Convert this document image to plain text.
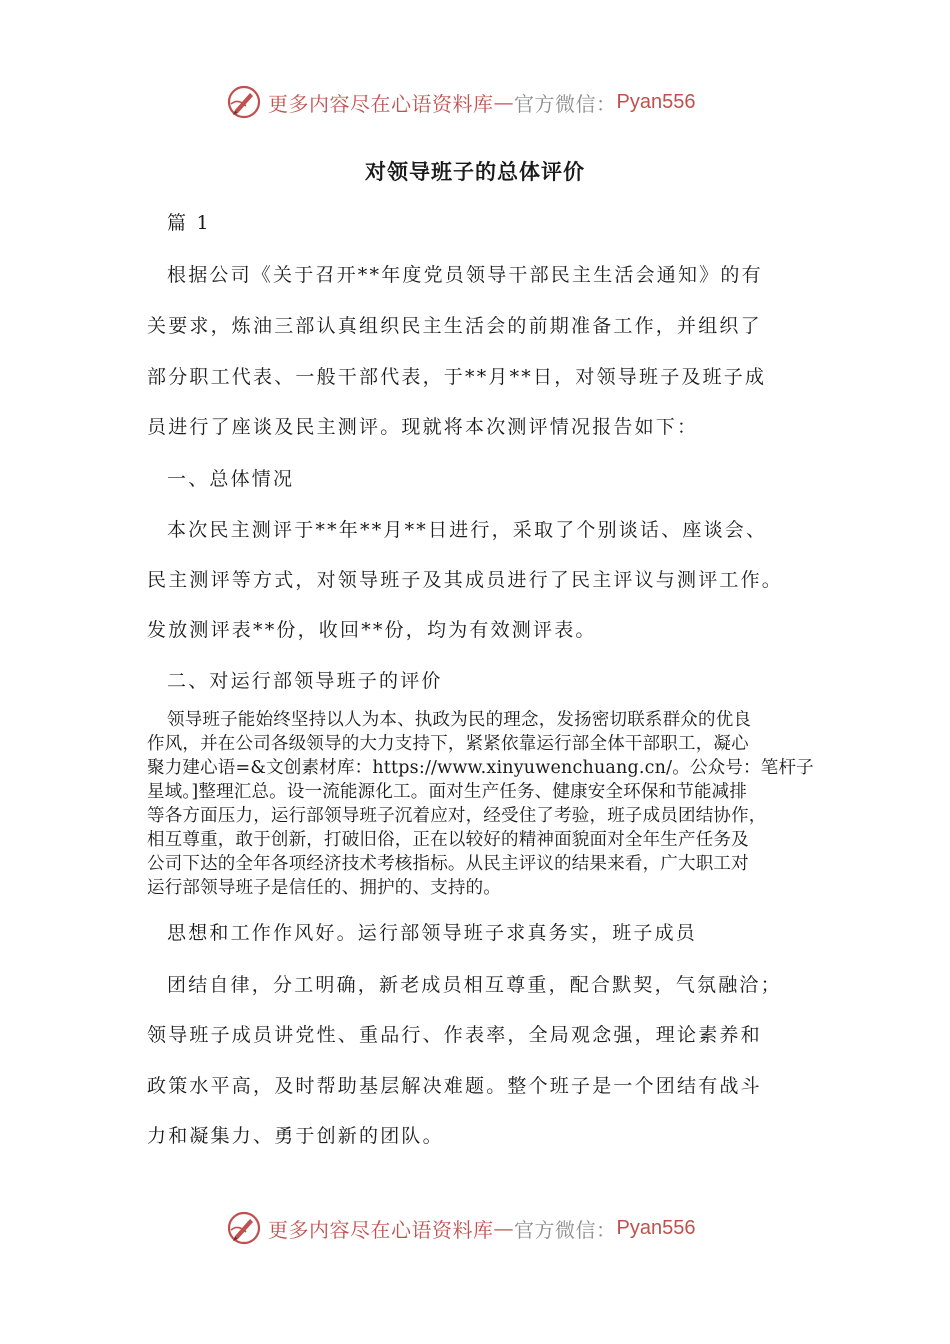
更多内容尽在心语资料库 — 官方微信： Pyan556
对领导班子的总体评价
篇 1
根据公司《关于召开**年度党员领导干部民主生活会通知》的有
关要求，炼油三部认真组织民主生活会的前期准备工作，并组织了
部分职工代表、一般干部代表，于**月**日，对领导班子及班子成
员进行了座谈及民主测评。现就将本次测评情况报告如下：
一、总体情况
本次民主测评于**年**月**日进行，采取了个别谈话、座谈会、
民主测评等方式，对领导班子及其成员进行了民主评议与测评工作。
发放测评表**份，收回**份，均为有效测评表。
二、对运行部领导班子的评价
领导班子能始终坚持以人为本、执政为民的理念，发扬密切联系群众的优良
作风，并在公司各级领导的大力支持下，紧紧依靠运行部全体干部职工，凝心
聚力建心语=&文创素材库：https://www.xinyuwenchuang.cn/。公众号：笔杆子
星域。]整理汇总。设一流能源化工。面对生产任务、健康安全环保和节能减排
等各方面压力，运行部领导班子沉着应对，经受住了考验，班子成员团结协作，
相互尊重，敢于创新，打破旧俗，正在以较好的精神面貌面对全年生产任务及
公司下达的全年各项经济技术考核指标。从民主评议的结果来看，广大职工对
运行部领导班子是信任的、拥护的、支持的。
思想和工作作风好。运行部领导班子求真务实，班子成员
团结自律，分工明确，新老成员相互尊重，配合默契，气氛融洽；
领导班子成员讲党性、重品行、作表率，全局观念强，理论素养和
政策水平高，及时帮助基层解决难题。整个班子是一个团结有战斗
力和凝集力、勇于创新的团队。
更多内容尽在心语资料库 — 官方微信： Pyan556
